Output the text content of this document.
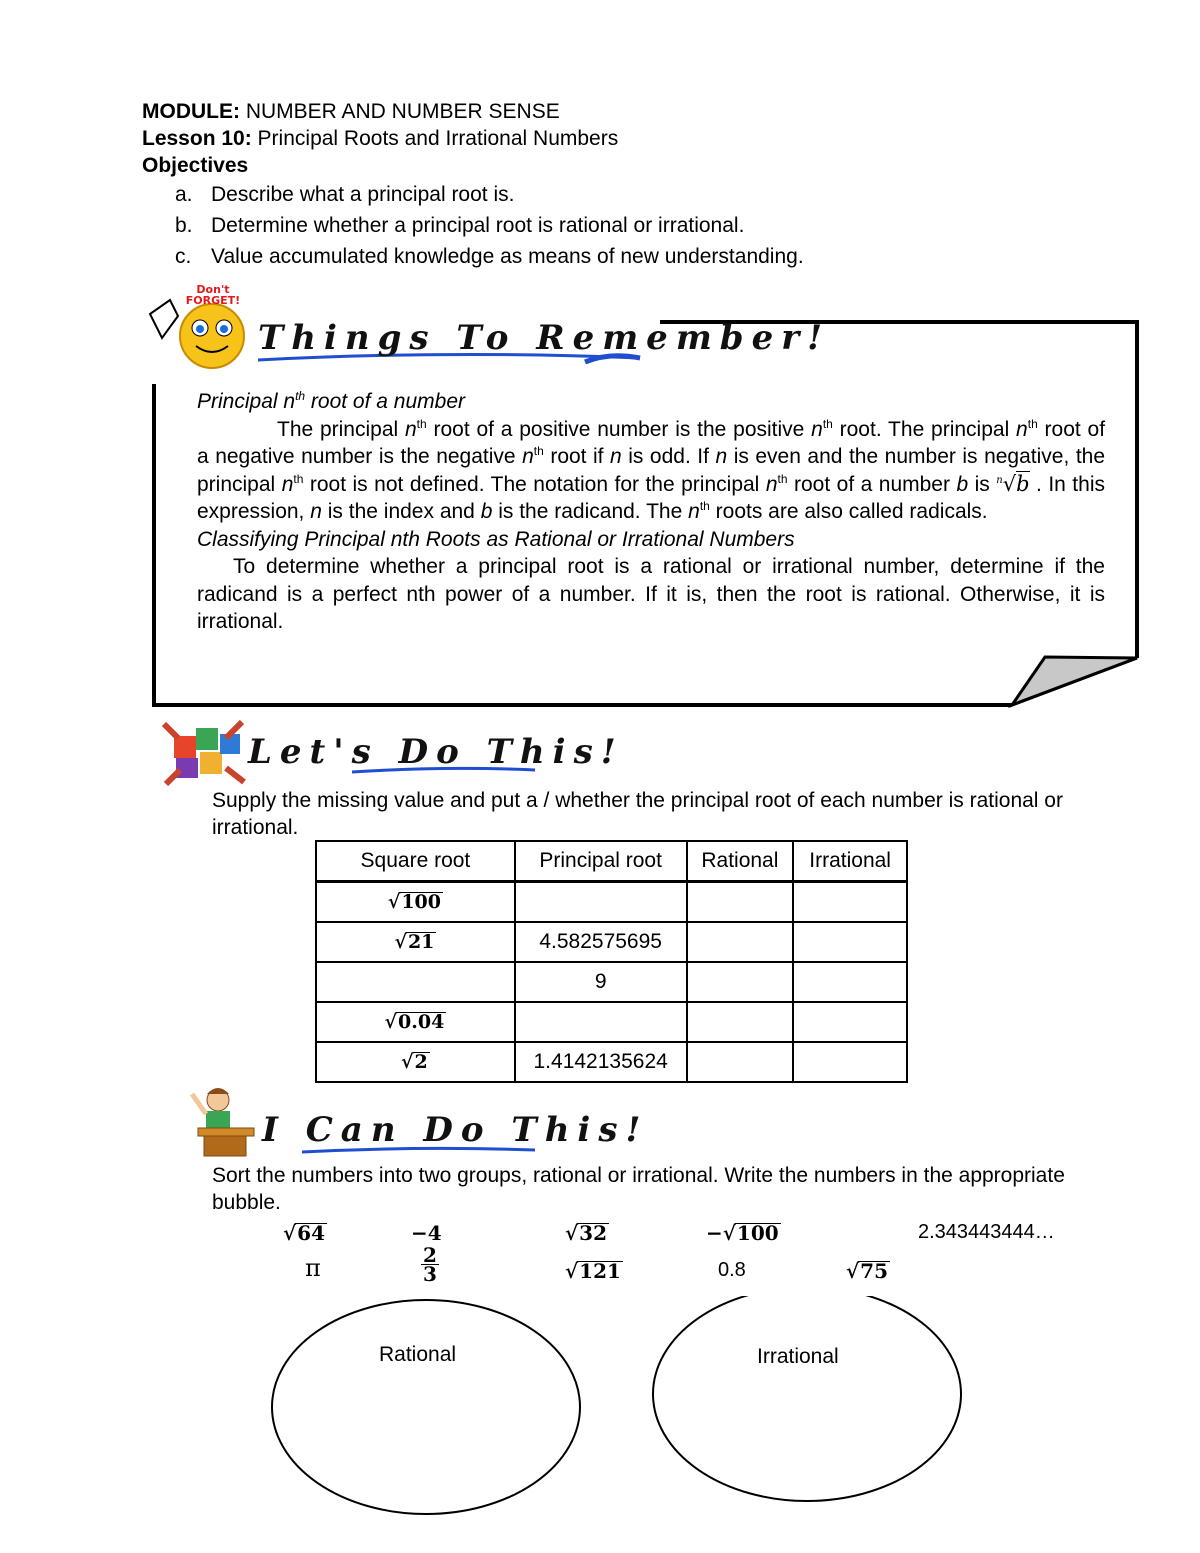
MODULE: NUMBER AND NUMBER SENSE
Lesson 10: Principal Roots and Irrational Numbers
Objectives
a. Describe what a principal root is.
b. Determine whether a principal root is rational or irrational.
c. Value accumulated knowledge as means of new understanding.
Don't FORGET!
Things To Remember!

Principal $n^{th}$ root of a number

The principal $n^{th}$ root of a positive number is the positive $n^{th}$ root. The principal $n^{th}$ root of a negative number is the negative $n^{th}$ root if n is odd. If n is even and the number is negative, the principal $n^{th}$ root is not defined. The notation for the principal $n^{th}$ root of a number b is $^n$√b . In this expression, n is the index and b is the radicand. The $n^{th}$ roots are also called radicals.

Classifying Principal nth Roots as Rational or Irrational Numbers

To determine whether a principal root is a rational or irrational number, determine if the radicand is a perfect nth power of a number. If it is, then the root is rational. Otherwise, it is irrational.

Let's Do This!
Supply the missing value and put a / whether the principal root of each number is rational or irrational.
Square root	Principal root	Rational	Irrational
√100			
√21	4.582575695		
	9		
√0.04			
√2	1.4142135624		
I Can Do This!
Sort the numbers into two groups, rational or irrational. Write the numbers in the appropriate bubble.
√64	−4	√32	−√100	2.343443444…
π	$\frac{2}{3}$	√121	0.8	√75
Rational	Irrational
